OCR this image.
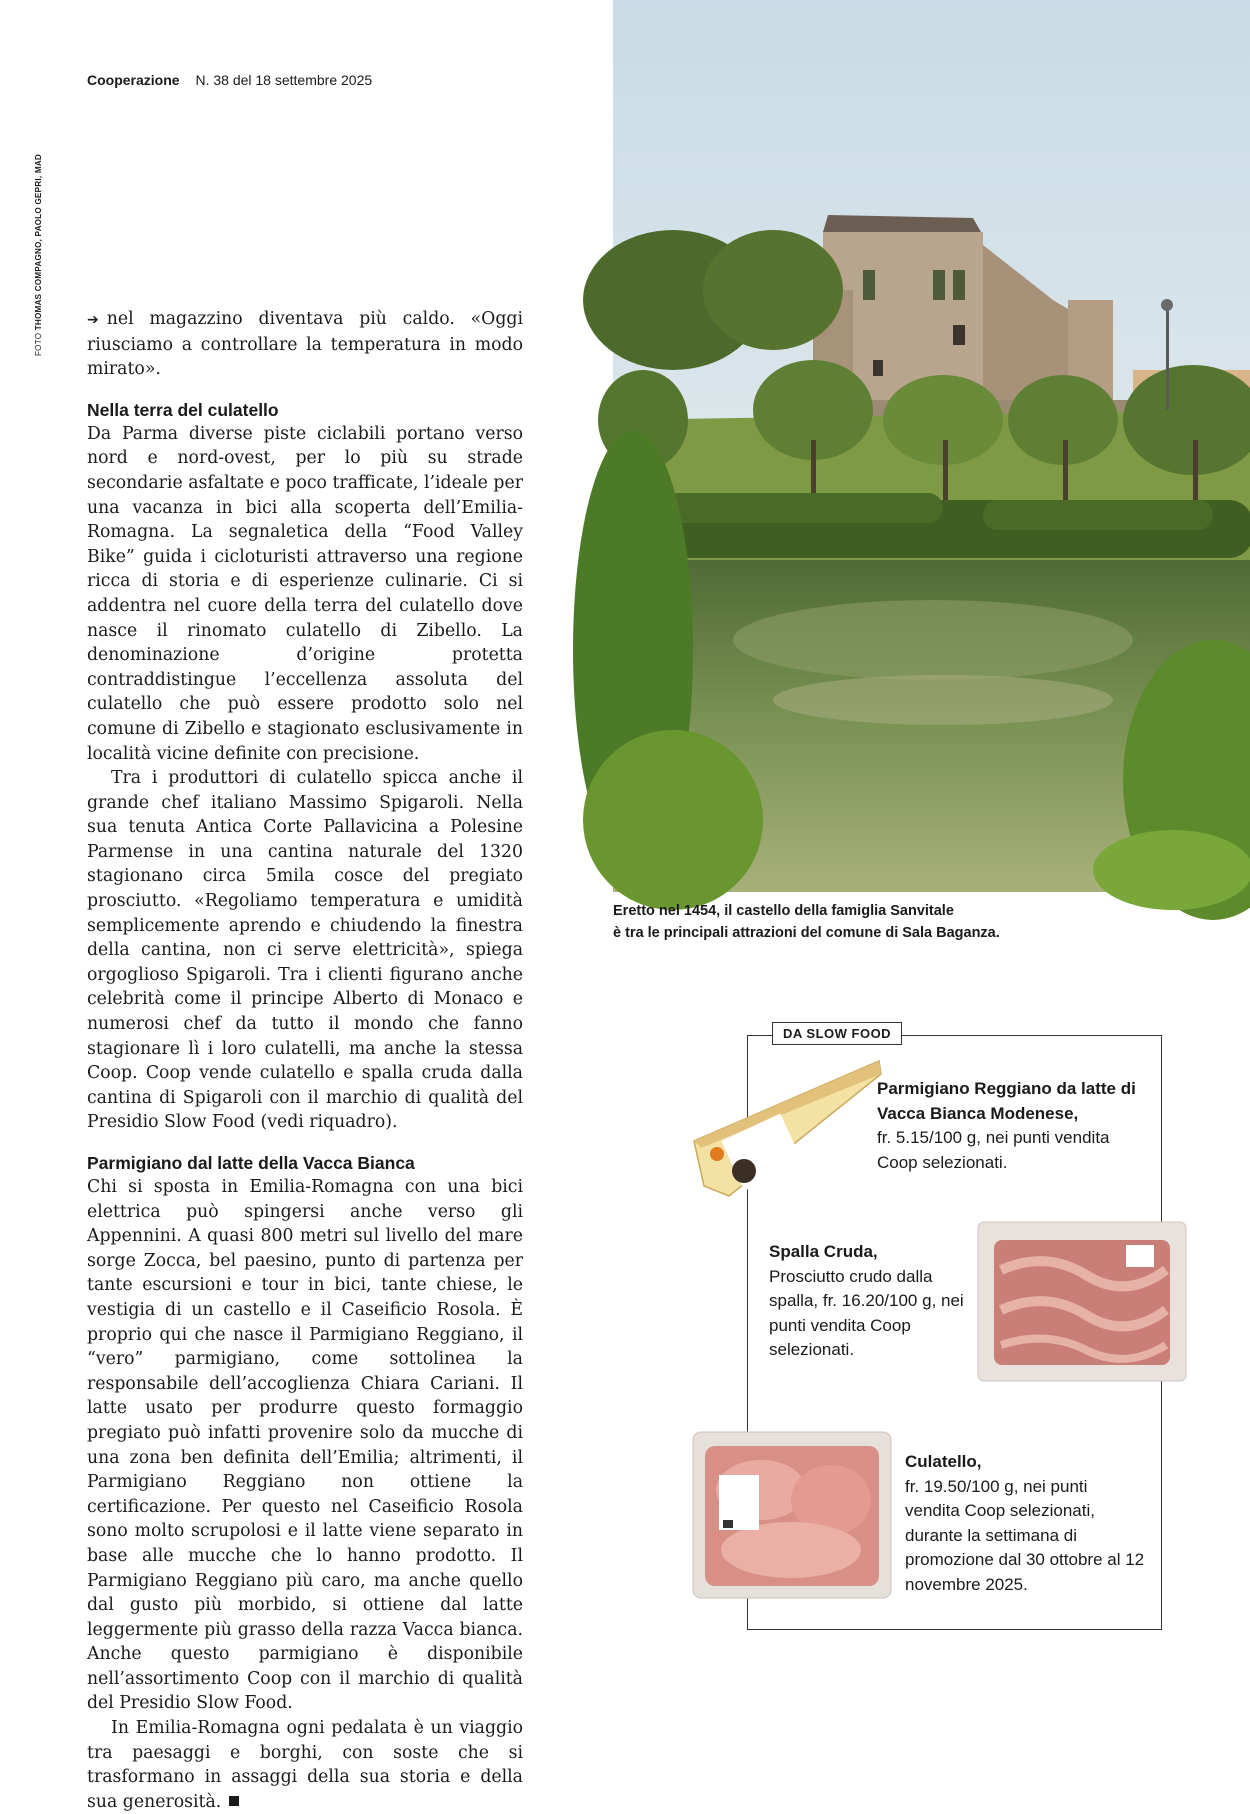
Cooperazione N. 38 del 18 settembre 2025
FOTO THOMAS COMPAGNO, PAOLO GEPRI, MAD	➔ nel magazzino diventava più caldo. «Oggi riusciamo a controllare la temperatura in modo mirato».

Nella terra del culatello

Da Parma diverse piste ciclabili portano verso nord e nord-ovest, per lo più su strade secondarie asfaltate e poco trafficate, l’ideale per una vacanza in bici alla scoperta dell’Emilia-Romagna. La segnaletica della “Food Valley Bike” guida i cicloturisti attraverso una regione ricca di storia e di esperienze culinarie. Ci si addentra nel cuore della terra del culatello dove nasce il rinomato culatello di Zibello. La denominazione d’origine protetta contraddistingue l’eccellenza assoluta del culatello che può essere prodotto solo nel comune di Zibello e stagionato esclusivamente in località vicine definite con precisione.

Tra i produttori di culatello spicca anche il grande chef italiano Massimo Spigaroli. Nella sua tenuta Antica Corte Pallavicina a Polesine Parmense in una cantina naturale del 1320 stagionano circa 5mila cosce del pregiato prosciutto. «Regoliamo temperatura e umidità semplicemente aprendo e chiudendo la finestra della cantina, non ci serve elettricità», spiega orgoglioso Spigaroli. Tra i clienti figurano anche celebrità come il principe Alberto di Monaco e numerosi chef da tutto il mondo che fanno stagionare lì i loro culatelli, ma anche la stessa Coop. Coop vende culatello e spalla cruda dalla cantina di Spigaroli con il marchio di qualità del Presidio Slow Food (vedi riquadro).

Parmigiano dal latte della Vacca Bianca

Chi si sposta in Emilia-Romagna con una bici elettrica può spingersi anche verso gli Appennini. A quasi 800 metri sul livello del mare sorge Zocca, bel paesino, punto di partenza per tante escursioni e tour in bici, tante chiese, le vestigia di un castello e il Caseificio Rosola. È proprio qui che nasce il Parmigiano Reggiano, il “vero” parmigiano, come sottolinea la responsabile dell’accoglienza Chiara Cariani. Il latte usato per produrre questo formaggio pregiato può infatti provenire solo da mucche di una zona ben definita dell’Emilia; altrimenti, il Parmigiano Reggiano non ottiene la certificazione. Per questo nel Caseificio Rosola sono molto scrupolosi e il latte viene separato in base alle mucche che lo hanno prodotto. Il Parmigiano Reggiano più caro, ma anche quello dal gusto più morbido, si ottiene dal latte leggermente più grasso della razza Vacca bianca. Anche questo parmigiano è disponibile nell’assortimento Coop con il marchio di qualità del Presidio Slow Food.

In Emilia-Romagna ogni pedalata è un viaggio tra paesaggi e borghi, con soste che si trasformano in assaggi della sua storia e della sua generosità.

Eretto nel 1454, il castello della famiglia Sanvitale
è tra le principali attrazioni del comune di Sala Baganza.
DA SLOW FOOD
Parmigiano Reggiano da latte di Vacca Bianca Modenese,
fr. 5.15/100 g, nei punti vendita Coop selezionati.
Spalla Cruda,
Prosciutto crudo dalla spalla, fr. 16.20/100 g, nei punti vendita Coop selezionati.
Culatello,
fr. 19.50/100 g, nei punti vendita Coop selezionati, durante la settimana di promozione dal 30 ottobre al 12 novembre 2025.
